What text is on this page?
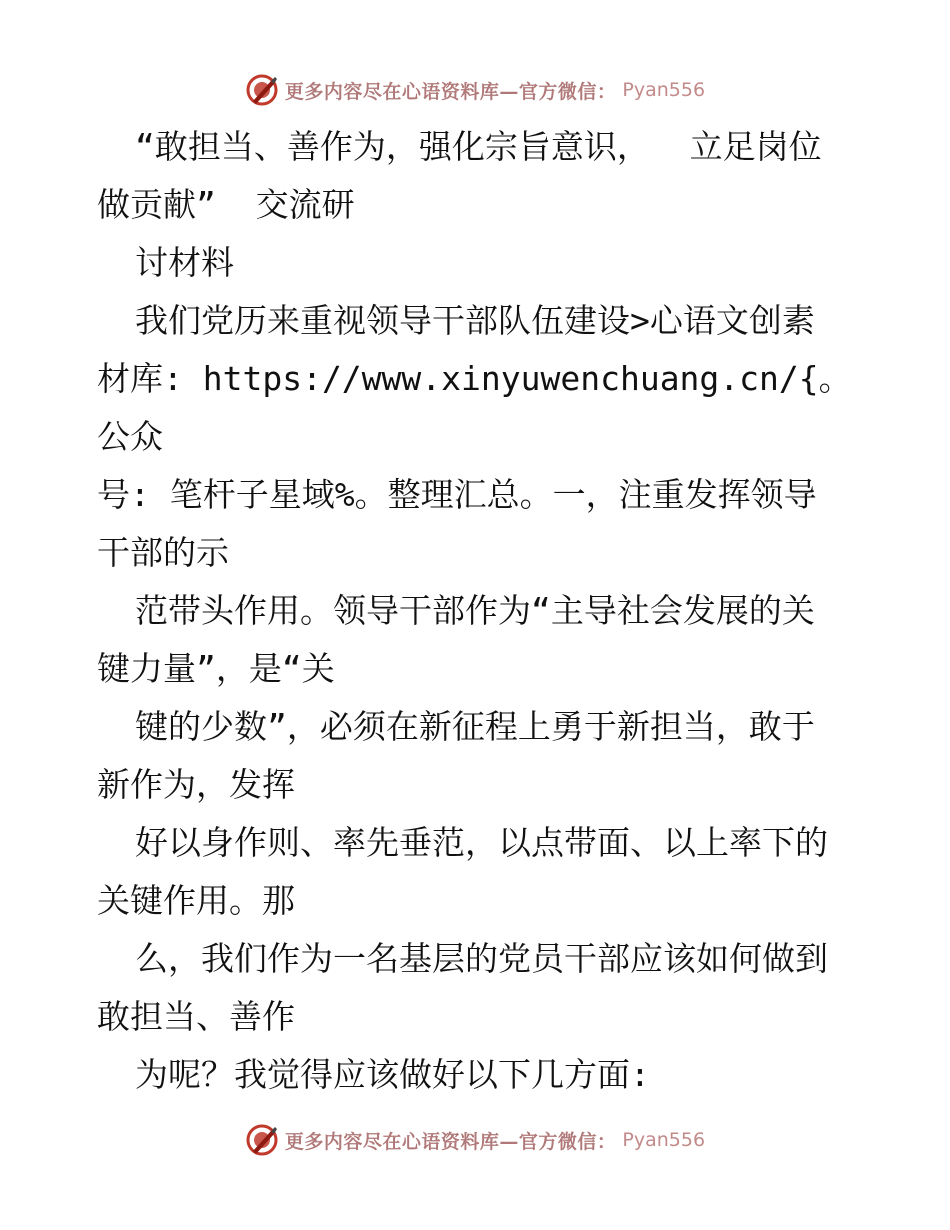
更多内容尽在心语资料库—官方微信： Pyan556

“敢担当、善作为，强化宗旨意识，  立足岗位

做贡献”  交流研

讨材料

我们党历来重视领导干部队伍建设>心语文创素

材库: https://www.xinyuwenchuang.cn/{。公众

号: 笔杆子星域%。整理汇总。一，注重发挥领导

干部的示

范带头作用。领导干部作为“主导社会发展的关

键力量”，是“关

键的少数”，必须在新征程上勇于新担当，敢于

新作为，发挥

好以身作则、率先垂范，以点带面、以上率下的

关键作用。那

么，我们作为一名基层的党员干部应该如何做到

敢担当、善作

为呢？我觉得应该做好以下几方面:

更多内容尽在心语资料库—官方微信： Pyan556
